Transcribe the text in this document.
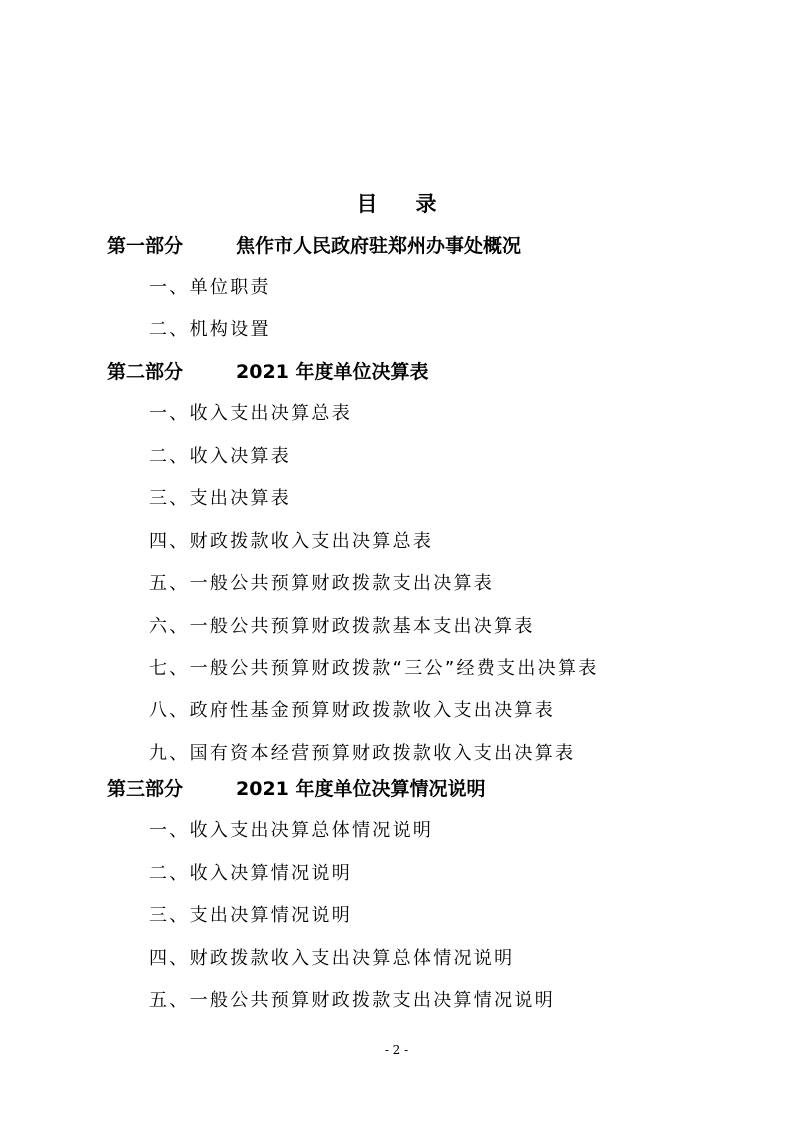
目 录
第一部分	焦作市人民政府驻郑州办事处概况
一、单位职责
二、机构设置
第二部分	2021 年度单位决算表
一、收入支出决算总表
二、收入决算表
三、支出决算表
四、财政拨款收入支出决算总表
五、一般公共预算财政拨款支出决算表
六、一般公共预算财政拨款基本支出决算表
七、一般公共预算财政拨款“三公”经费支出决算表
八、政府性基金预算财政拨款收入支出决算表
九、国有资本经营预算财政拨款收入支出决算表
第三部分	2021 年度单位决算情况说明
一、收入支出决算总体情况说明
二、收入决算情况说明
三、支出决算情况说明
四、财政拨款收入支出决算总体情况说明
五、一般公共预算财政拨款支出决算情况说明
- 2 -
